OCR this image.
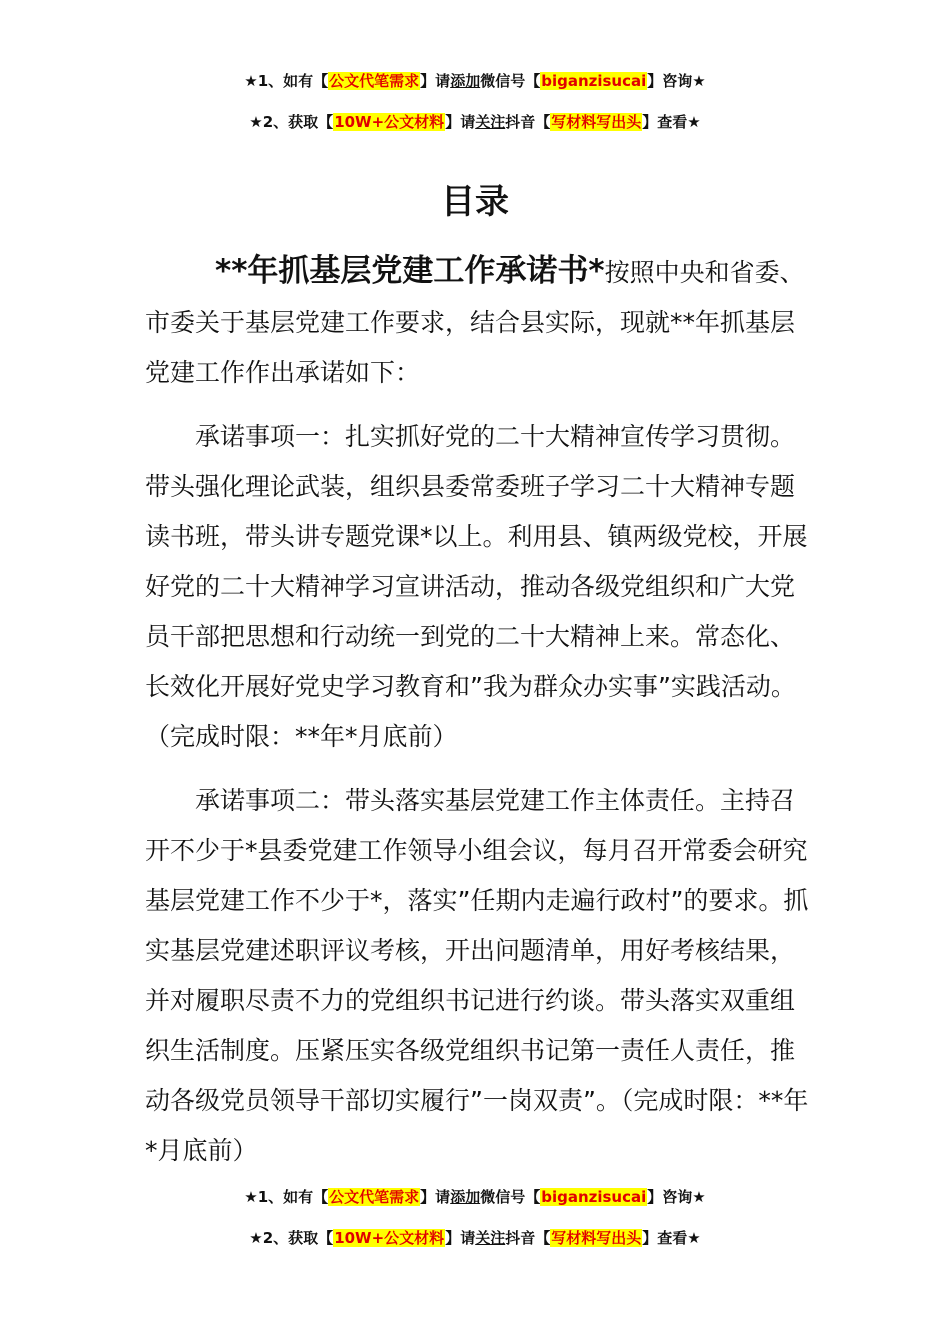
★1、如有【公文代笔需求】请添加微信号【biganzisucai】咨询★
★2、获取【10W+公文材料】请关注抖音【写材料写出头】查看★
目录

**年抓基层党建工作承诺书*按照中央和省委、市委关于基层党建工作要求，结合县实际，现就**年抓基层党建工作作出承诺如下：

承诺事项一：扎实抓好党的二十大精神宣传学习贯彻。带头强化理论武装，组织县委常委班子学习二十大精神专题读书班，带头讲专题党课*以上。利用县、镇两级党校，开展好党的二十大精神学习宣讲活动，推动各级党组织和广大党员干部把思想和行动统一到党的二十大精神上来。常态化、长效化开展好党史学习教育和”我为群众办实事”实践活动。（完成时限：**年*月底前）

承诺事项二：带头落实基层党建工作主体责任。主持召开不少于*县委党建工作领导小组会议，每月召开常委会研究基层党建工作不少于*，落实”任期内走遍行政村”的要求。抓实基层党建述职评议考核，开出问题清单，用好考核结果，并对履职尽责不力的党组织书记进行约谈。带头落实双重组织生活制度。压紧压实各级党组织书记第一责任人责任，推动各级党员领导干部切实履行”一岗双责”。（完成时限：**年*月底前）

★1、如有【公文代笔需求】请添加微信号【biganzisucai】咨询★
★2、获取【10W+公文材料】请关注抖音【写材料写出头】查看★
